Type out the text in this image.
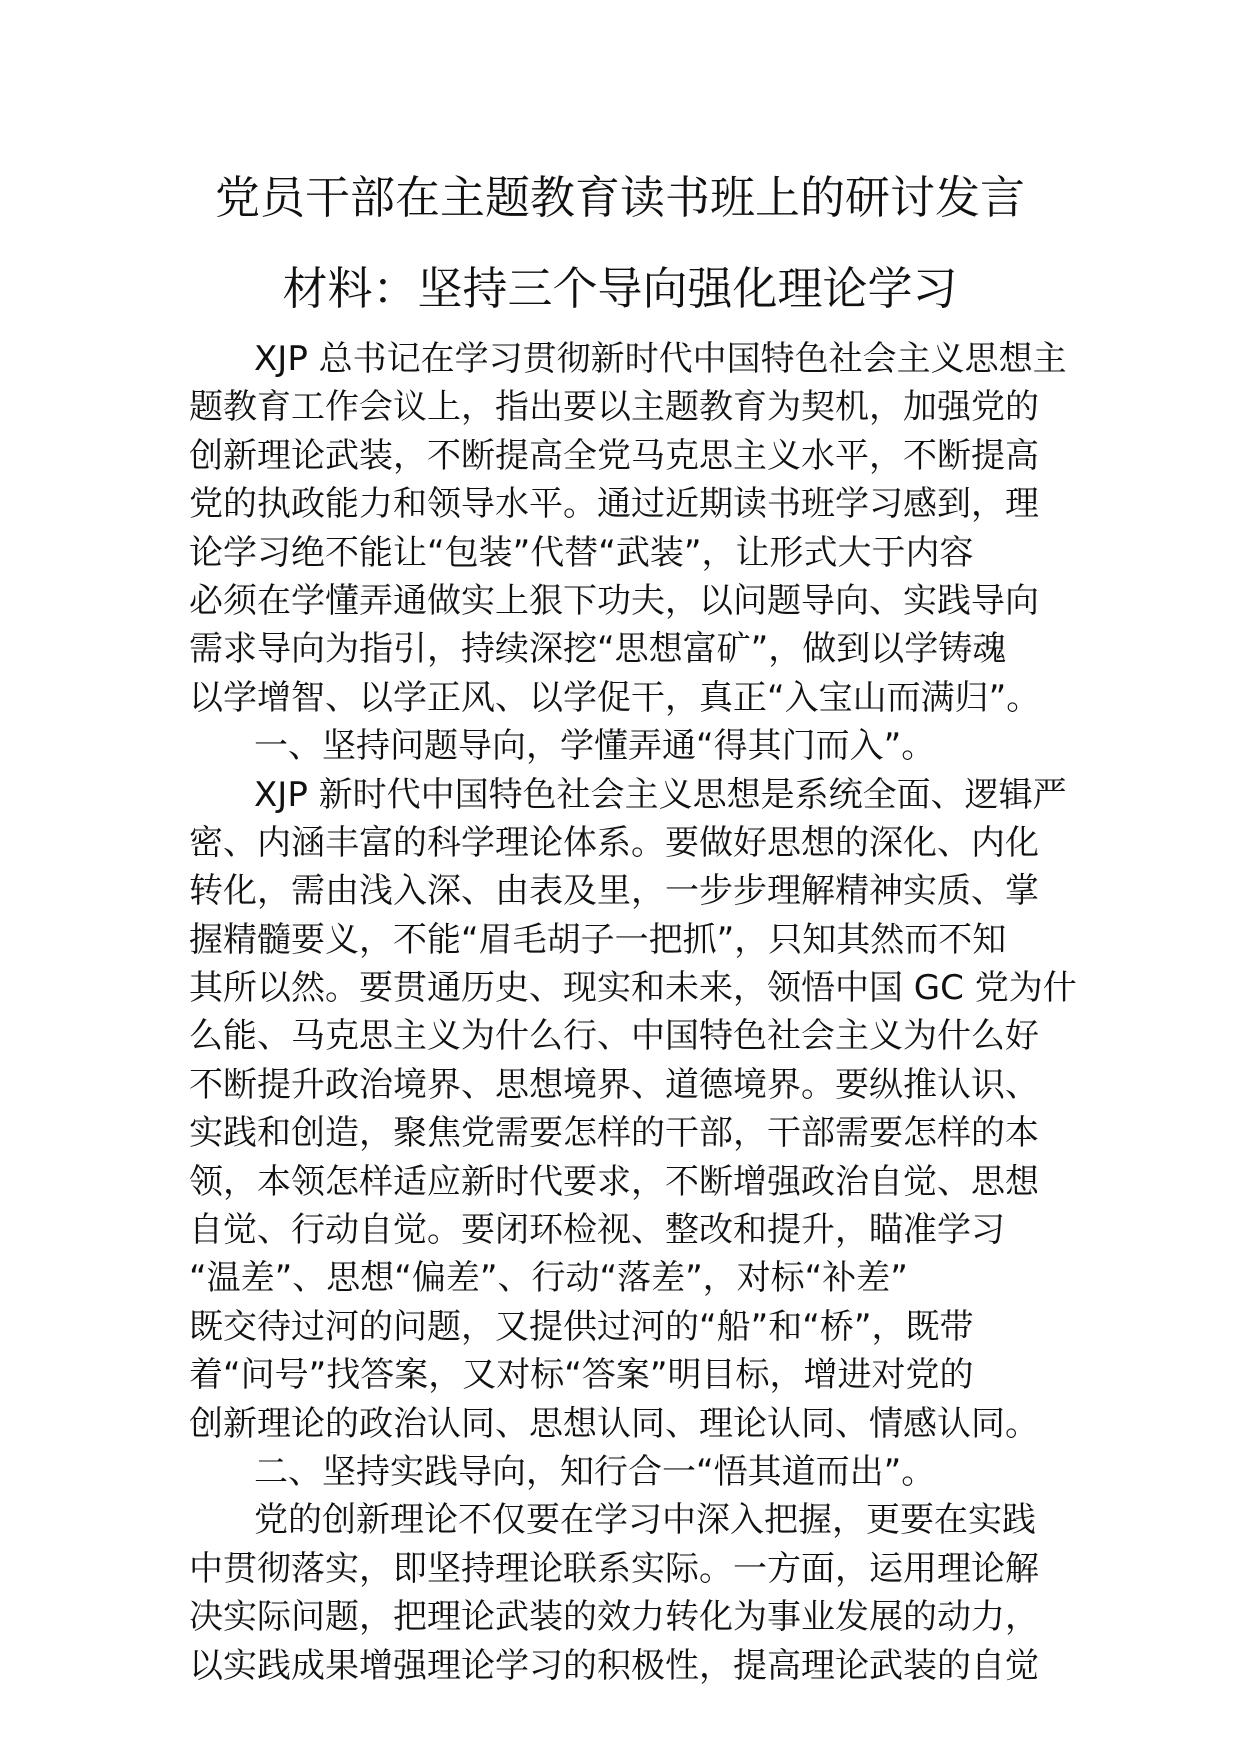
党员干部在主题教育读书班上的研讨发言
材料：坚持三个导向强化理论学习
XJP 总书记在学习贯彻新时代中国特色社会主义思想主
题教育工作会议上，指出要以主题教育为契机，加强党的
创新理论武装，不断提高全党马克思主义水平，不断提高
党的执政能力和领导水平。通过近期读书班学习感到，理
论学习绝不能让“包装”代替“武装”，让形式大于内容
必须在学懂弄通做实上狠下功夫，以问题导向、实践导向
需求导向为指引，持续深挖“思想富矿”，做到以学铸魂
以学增智、以学正风、以学促干，真正“入宝山而满归”。
一、坚持问题导向，学懂弄通“得其门而入”。
XJP 新时代中国特色社会主义思想是系统全面、逻辑严
密、内涵丰富的科学理论体系。要做好思想的深化、内化
转化，需由浅入深、由表及里，一步步理解精神实质、掌
握精髓要义，不能“眉毛胡子一把抓”，只知其然而不知
其所以然。要贯通历史、现实和未来，领悟中国 GC 党为什
么能、马克思主义为什么行、中国特色社会主义为什么好
不断提升政治境界、思想境界、道德境界。要纵推认识、
实践和创造，聚焦党需要怎样的干部，干部需要怎样的本
领，本领怎样适应新时代要求，不断增强政治自觉、思想
自觉、行动自觉。要闭环检视、整改和提升，瞄准学习
“温差”、思想“偏差”、行动“落差”，对标“补差”
既交待过河的问题，又提供过河的“船”和“桥”，既带
着“问号”找答案，又对标“答案”明目标，增进对党的
创新理论的政治认同、思想认同、理论认同、情感认同。
二、坚持实践导向，知行合一“悟其道而出”。
党的创新理论不仅要在学习中深入把握，更要在实践
中贯彻落实，即坚持理论联系实际。一方面，运用理论解
决实际问题，把理论武装的效力转化为事业发展的动力，
以实践成果增强理论学习的积极性，提高理论武装的自觉
